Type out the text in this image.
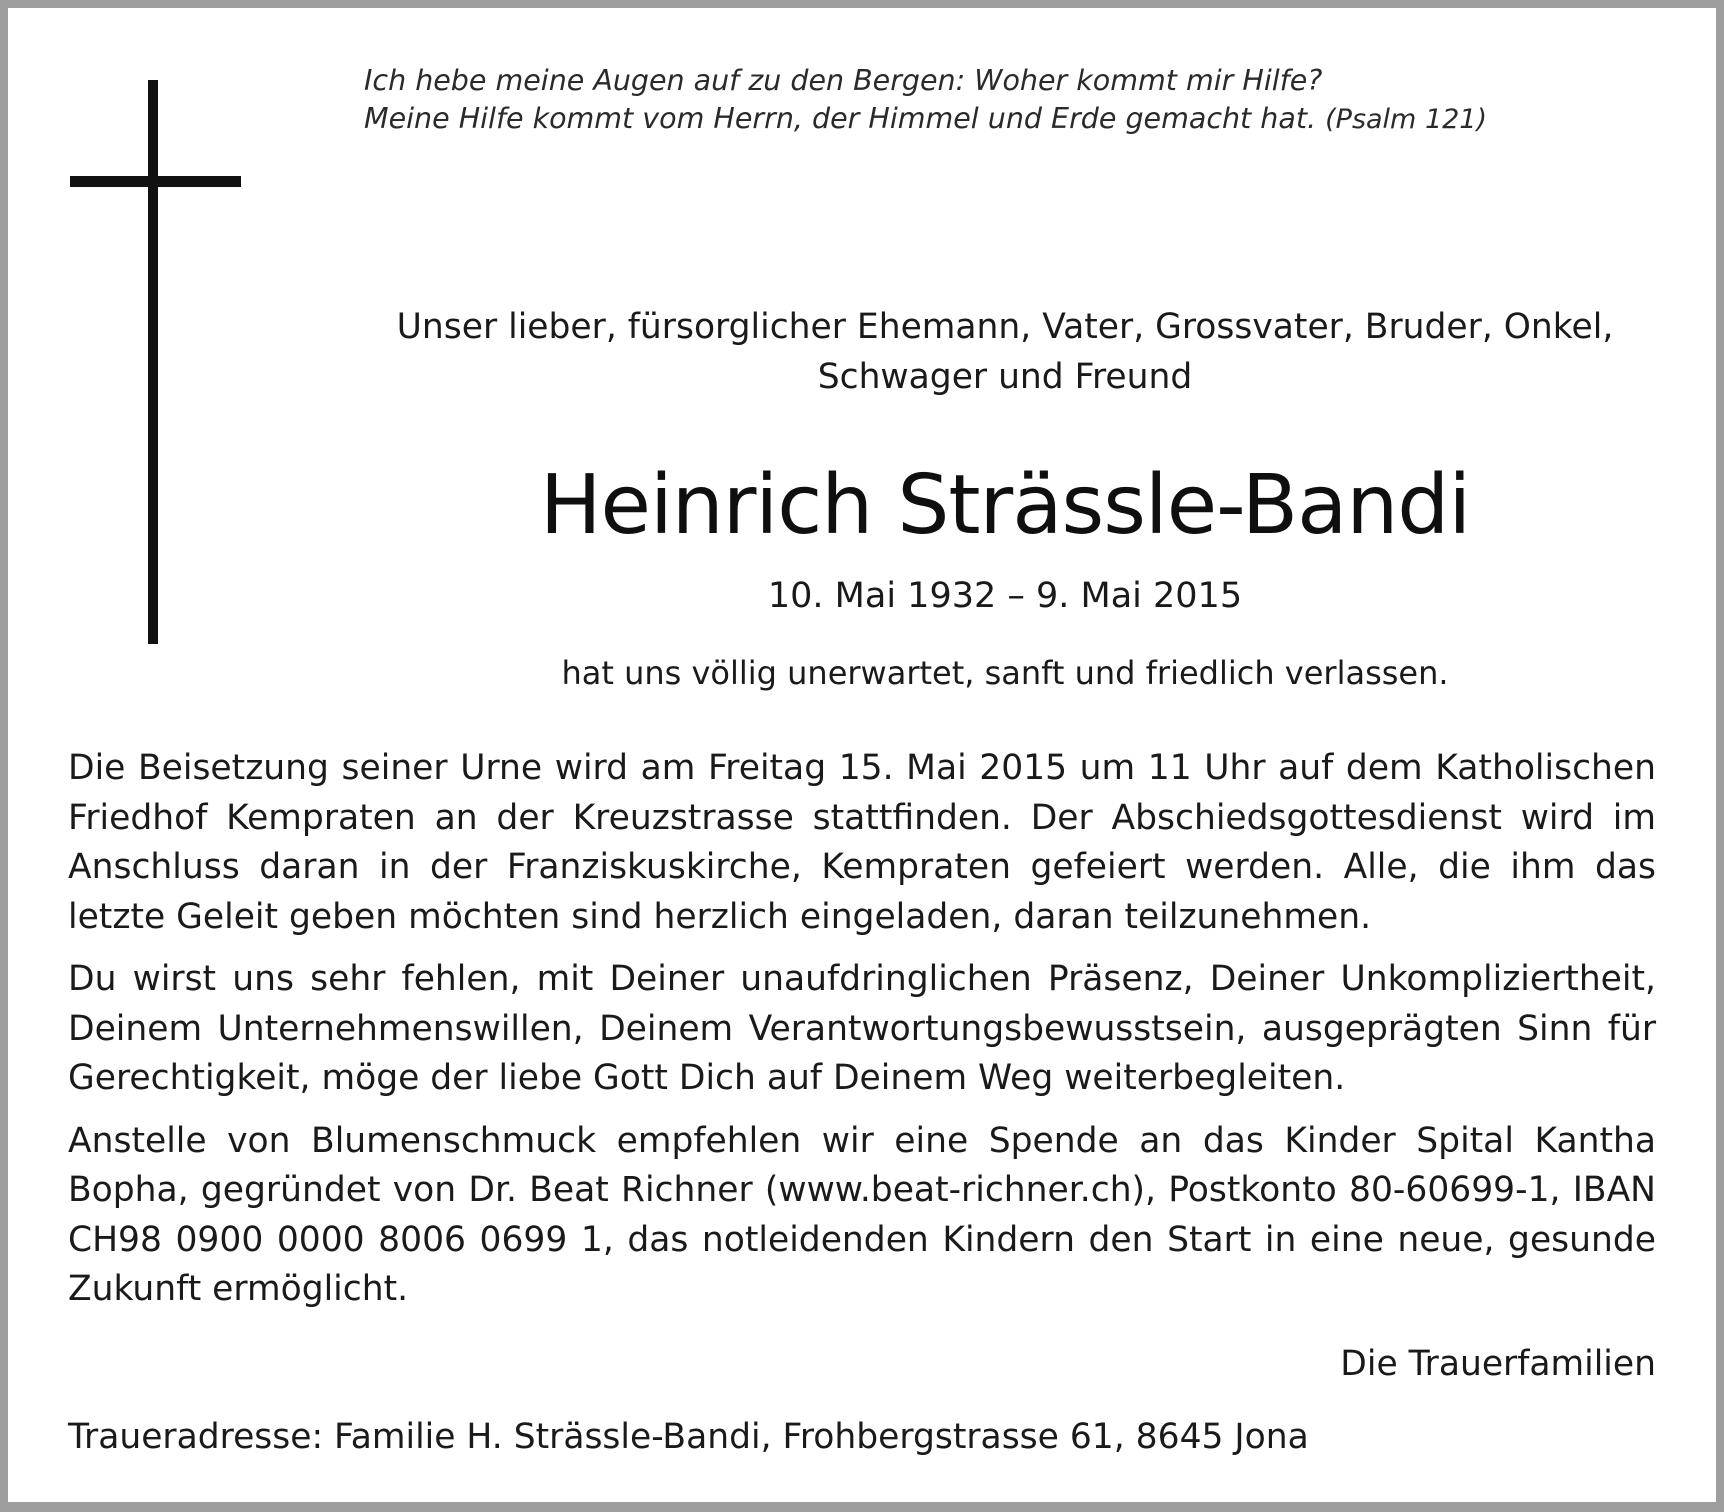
Ich hebe meine Augen auf zu den Bergen: Woher kommt mir Hilfe?
Meine Hilfe kommt vom Herrn, der Himmel und Erde gemacht hat. (Psalm 121)
Unser lieber, fürsorglicher Ehemann, Vater, Grossvater, Bruder, Onkel,
Schwager und Freund
Heinrich Strässle-Bandi
10. Mai 1932 – 9. Mai 2015
hat uns völlig unerwartet, sanft und friedlich verlassen.

Die Beisetzung seiner Urne wird am Freitag 15. Mai 2015 um 11 Uhr auf dem Katholischen Friedhof Kempraten an der Kreuzstrasse stattfinden. Der Abschiedsgottesdienst wird im Anschluss daran in der Franziskuskirche, Kempraten gefeiert werden. Alle, die ihm das letzte Geleit geben möchten sind herzlich eingeladen, daran teilzunehmen.

Du wirst uns sehr fehlen, mit Deiner unaufdringlichen Präsenz, Deiner Unkompliziertheit, Deinem Unternehmenswillen, Deinem Verantwortungsbewusstsein, ausgeprägten Sinn für Gerechtigkeit, möge der liebe Gott Dich auf Deinem Weg weiterbegleiten.

Anstelle von Blumenschmuck empfehlen wir eine Spende an das Kinder Spital Kantha Bopha, gegründet von Dr. Beat Richner (www.beat-richner.ch), Postkonto 80-60699-1, IBAN CH98 0900 0000 8006 0699 1, das notleidenden Kindern den Start in eine neue, gesunde Zukunft ermöglicht.

Die Trauerfamilien
Traueradresse: Familie H. Strässle-Bandi, Frohbergstrasse 61, 8645 Jona
